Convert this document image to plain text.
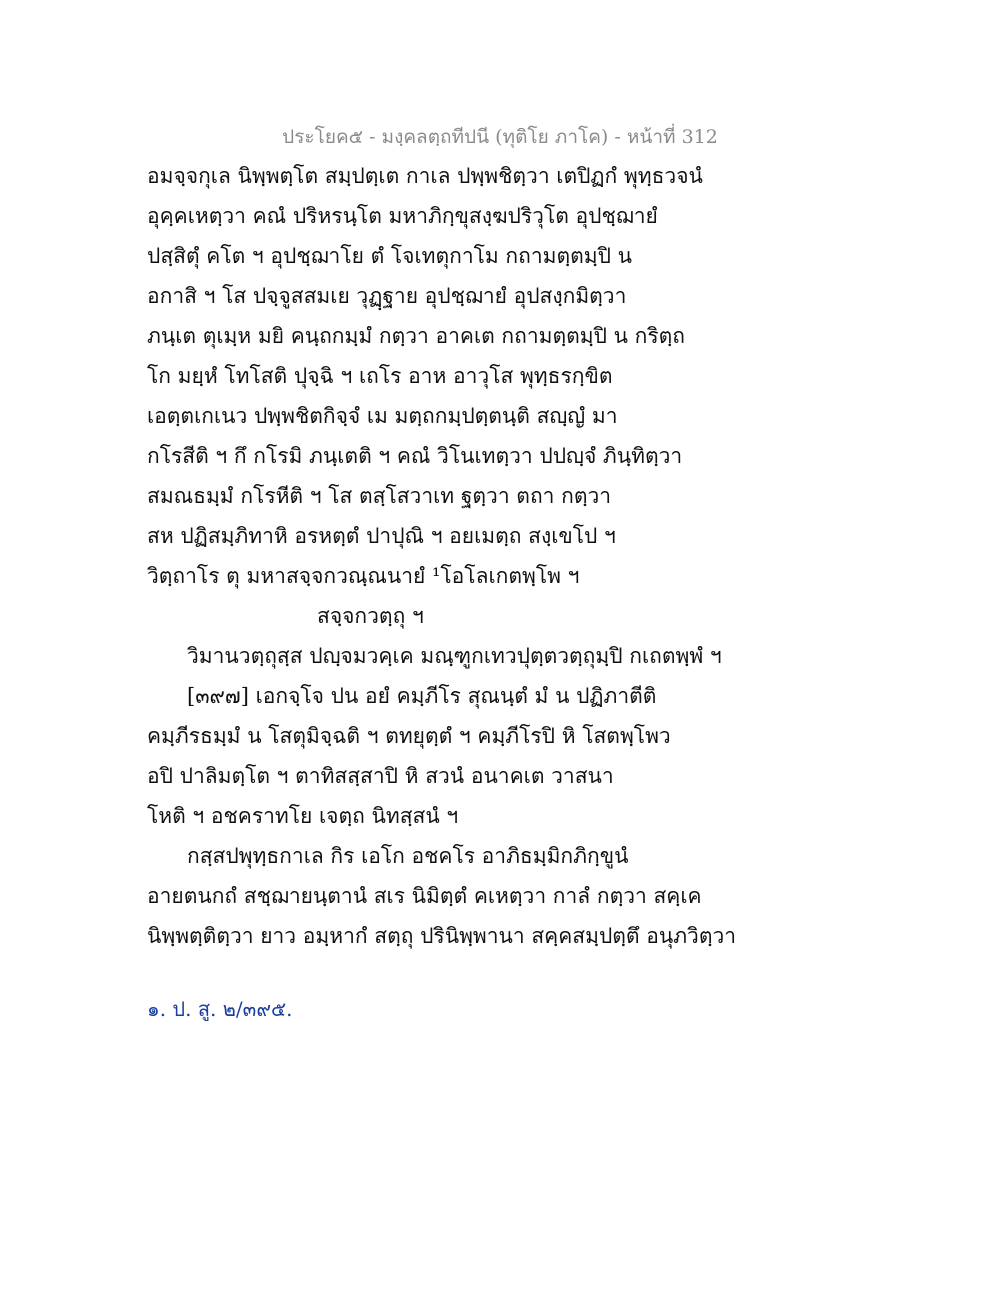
ประโยค๕ - มงฺคลตฺถทีปนี (ทุติโย ภาโค) - หน้าที่ 312
อมจฺจกุเล นิพฺพตฺโต สมฺปตฺเต กาเล ปพฺพชิตฺวา เตปิฏกํ พุทฺธวจนํ
อุคฺคเหตฺวา คณํ ปริหรนฺโต มหาภิกฺขุสงฺฆปริวุโต อุปชฺฌายํ
ปสฺสิตุํ คโต ฯ อุปชฺฌาโย ตํ โจเทตุกาโม กถามตฺตมฺปิ น
อกาสิ ฯ โส ปจฺจูสสมเย วุฏฺฐาย อุปชฺฌายํ อุปสงฺกมิตฺวา
ภนฺเต ตุเมฺห มยิ คนฺถกมฺมํ กตฺวา อาคเต กถามตฺตมฺปิ น กริตฺถ
โก มยฺหํ โทโสติ ปุจฺฉิ ฯ เถโร อาห อาวุโส พุทฺธรกฺขิต
เอตฺตเกเนว ปพฺพชิตกิจฺจํ เม มตฺถกมฺปตฺตนฺติ สญฺญํ มา
กโรสีติ ฯ กึ กโรมิ ภนฺเตติ ฯ คณํ วิโนเทตฺวา ปปญฺจํ ภินฺทิตฺวา
สมณธมฺมํ กโรหีติ ฯ โส ตสฺโสวาเท ฐตฺวา ตถา กตฺวา
สห ปฏิสมฺภิทาหิ อรหตฺตํ ปาปุณิ ฯ อยเมตฺถ สงฺเขโป ฯ
วิตฺถาโร ตุ มหาสจฺจกวณฺณนายํ ¹โอโลเกตพฺโพ ฯ
สจฺจกวตฺถุ ฯ
วิมานวตฺถุสฺส ปญฺจมวคฺเค มณฺฑูกเทวปุตฺตวตฺถุมฺปิ กเถตพฺพํ ฯ
[๓๙๗] เอกจฺโจ ปน อยํ คมฺภีโร สุณนฺตํ มํ น ปฏิภาตีติ
คมฺภีรธมฺมํ น โสตุมิจฺฉติ ฯ ตทยุตฺตํ ฯ คมฺภีโรปิ หิ โสตพฺโพว
อปิ ปาลิมตฺโต ฯ ตาทิสสฺสาปิ หิ สวนํ อนาคเต วาสนา
โหติ ฯ อชคราทโย เจตฺถ นิทสฺสนํ ฯ
กสฺสปพุทฺธกาเล กิร เอโก อชคโร อาภิธมฺมิกภิกฺขูนํ
อายตนกถํ สชฺฌายนฺตานํ สเร นิมิตฺตํ คเหตฺวา กาลํ กตฺวา สคฺเค
นิพฺพตฺติตฺวา ยาว อมฺหากํ สตฺถุ ปรินิพฺพานา สคฺคสมฺปตฺตึ อนุภวิตฺวา
๑. ป. สู. ๒/๓๙๕.
